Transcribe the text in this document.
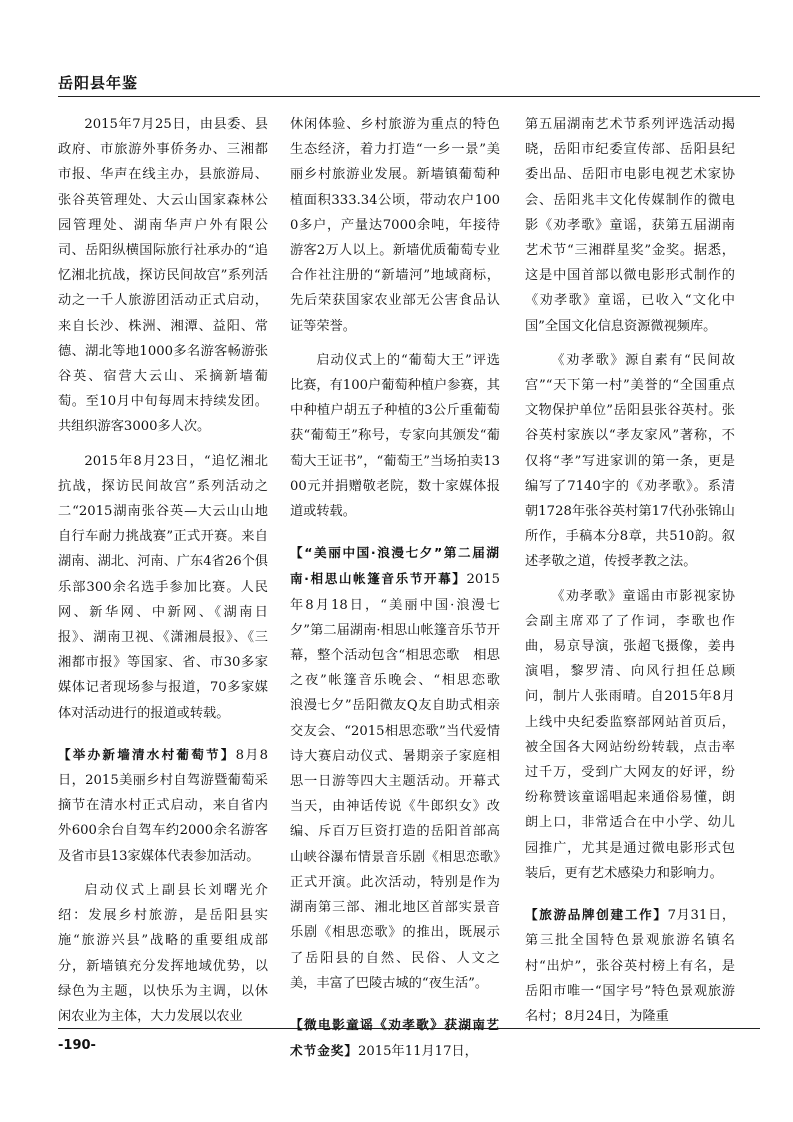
岳阳县年鉴

2015年7月25日，由县委、县政府、市旅游外事侨务办、三湘都市报、华声在线主办，县旅游局、张谷英管理处、大云山国家森林公园管理处、湖南华声户外有限公司、岳阳纵横国际旅行社承办的“追忆湘北抗战，探访民间故宫”系列活动之一千人旅游团活动正式启动，来自长沙、株洲、湘潭、益阳、常德、湖北等地1000多名游客畅游张谷英、宿营大云山、采摘新墙葡萄。至10月中旬每周末持续发团。共组织游客3000多人次。

2015年8月23日，“追忆湘北抗战，探访民间故宫”系列活动之二“2015湖南张谷英—大云山山地自行车耐力挑战赛”正式开赛。来自湖南、湖北、河南、广东4省26个俱乐部300余名选手参加比赛。人民网、新华网、中新网、《湖南日报》、湖南卫视、《潇湘晨报》、《三湘都市报》等国家、省、市30多家媒体记者现场参与报道，70多家媒体对活动进行的报道或转载。

【举办新墙清水村葡萄节】8月8日，2015美丽乡村自驾游暨葡萄采摘节在清水村正式启动，来自省内外600余台自驾车约2000余名游客及省市县13家媒体代表参加活动。

启动仪式上副县长刘曙光介绍：发展乡村旅游，是岳阳县实施“旅游兴县”战略的重要组成部分，新墙镇充分发挥地域优势，以绿色为主题，以快乐为主调，以休闲农业为主体，大力发展以农业

休闲体验、乡村旅游为重点的特色生态经济，着力打造“一乡一景”美丽乡村旅游业发展。新墙镇葡萄种植面积333.34公顷，带动农户1000多户，产量达7000余吨，年接待游客2万人以上。新墙优质葡萄专业合作社注册的“新墙河”地域商标，先后荣获国家农业部无公害食品认证等荣誉。

启动仪式上的“葡萄大王”评选比赛，有100户葡萄种植户参赛，其中种植户胡五子种植的3公斤重葡萄获“葡萄王”称号，专家向其颁发“葡萄大王证书”，“葡萄王”当场拍卖1300元并捐赠敬老院，数十家媒体报道或转载。

【“美丽中国·浪漫七夕”第二届湖南·相思山帐篷音乐节开幕】2015年8月18日，“美丽中国·浪漫七夕”第二届湖南·相思山帐篷音乐节开幕，整个活动包含“相思恋歌　相思之夜”帐篷音乐晚会、“相思恋歌　浪漫七夕”岳阳微友Q友自助式相亲交友会、“2015相思恋歌”当代爱情诗大赛启动仪式、暑期亲子家庭相思一日游等四大主题活动。开幕式当天，由神话传说《牛郎织女》改编、斥百万巨资打造的岳阳首部高山峡谷瀑布情景音乐剧《相思恋歌》正式开演。此次活动，特别是作为湖南第三部、湘北地区首部实景音乐剧《相思恋歌》的推出，既展示了岳阳县的自然、民俗、人文之美，丰富了巴陵古城的“夜生活”。

【微电影童谣《劝孝歌》获湖南艺术节金奖】2015年11月17日，

第五届湖南艺术节系列评选活动揭晓，岳阳市纪委宣传部、岳阳县纪委出品、岳阳市电影电视艺术家协会、岳阳兆丰文化传媒制作的微电影《劝孝歌》童谣，获第五届湖南艺术节“三湘群星奖”金奖。据悉，这是中国首部以微电影形式制作的《劝孝歌》童谣，已收入“文化中国”全国文化信息资源微视频库。

《劝孝歌》源自素有“民间故宫”“天下第一村”美誉的“全国重点文物保护单位”岳阳县张谷英村。张谷英村家族以“孝友家风”著称，不仅将“孝”写进家训的第一条，更是编写了7140字的《劝孝歌》。系清朝1728年张谷英村第17代孙张锦山所作，手稿本分8章，共510韵。叙述孝敬之道，传授孝教之法。

《劝孝歌》童谣由市影视家协会副主席邓了了作词，李歌也作曲，易京导演，张超飞摄像，姜冉演唱，黎罗清、向风行担任总顾问，制片人张雨晴。自2015年8月上线中央纪委监察部网站首页后，被全国各大网站纷纷转载，点击率过千万，受到广大网友的好评，纷纷称赞该童谣唱起来通俗易懂，朗朗上口，非常适合在中小学、幼儿园推广，尤其是通过微电影形式包装后，更有艺术感染力和影响力。

【旅游品牌创建工作】7月31日，第三批全国特色景观旅游名镇名村“出炉”，张谷英村榜上有名，是岳阳市唯一“国字号”特色景观旅游名村；8月24日，为隆重

-190-
